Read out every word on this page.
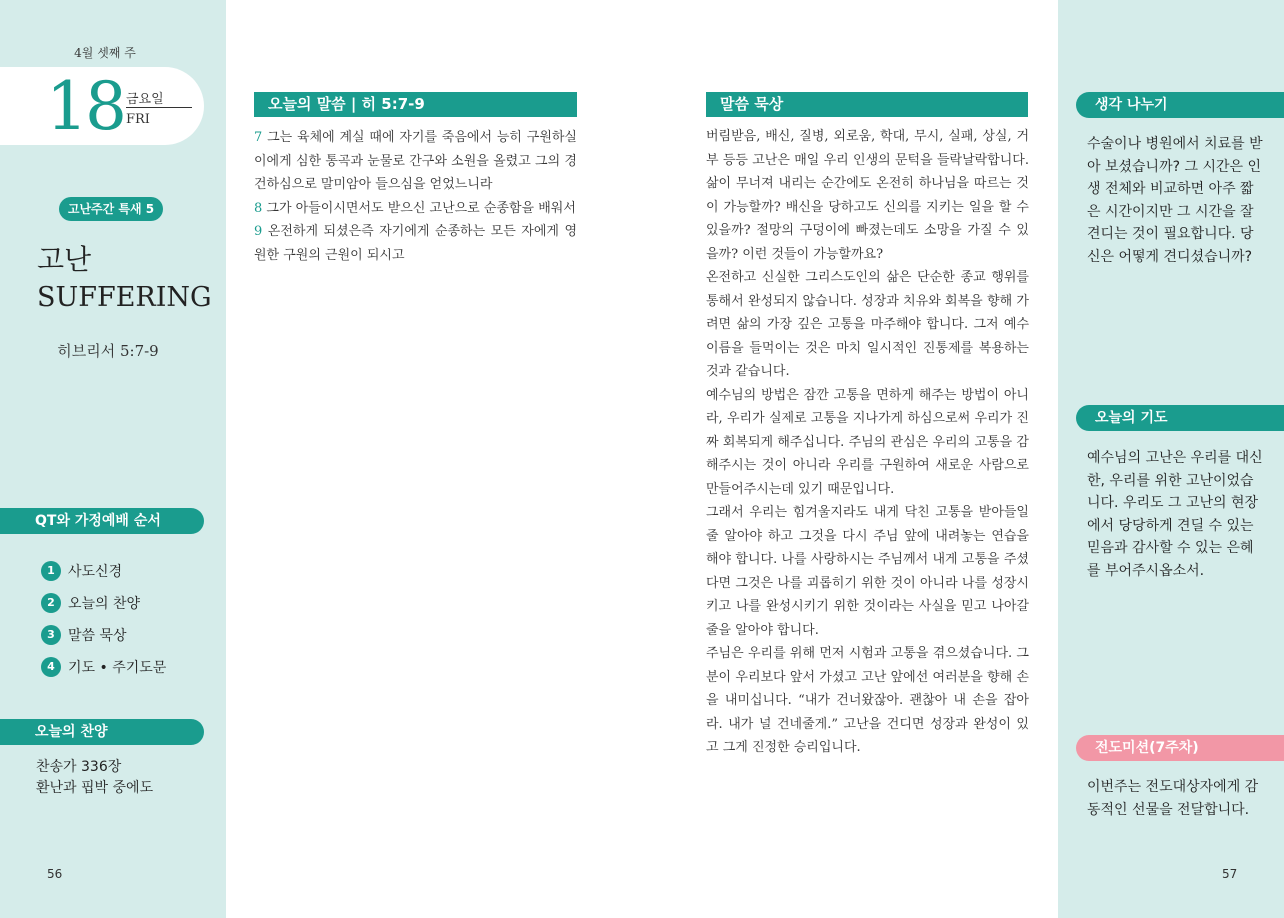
4월 셋째 주
18 금요일
FRI
고난주간 특새 5
고난
SUFFERING
히브리서 5:7-9
QT와 가정예배 순서
1 사도신경
2 오늘의 찬양
3 말씀 묵상
4 기도 • 주기도문
오늘의 찬양
찬송가 336장
환난과 핍박 중에도
56
오늘의 말씀 | 히 5:7-9
7 그는 육체에 계실 때에 자기를 죽음에서 능히 구원하실 이에게 심한 통곡과 눈물로 간구와 소원을 올렸고 그의 경건하심으로 말미암아 들으심을 얻었느니라
8 그가 아들이시면서도 받으신 고난으로 순종함을 배워서
9 온전하게 되셨은즉 자기에게 순종하는 모든 자에게 영원한 구원의 근원이 되시고
말씀 묵상

버림받음, 배신, 질병, 외로움, 학대, 무시, 실패, 상실, 거부 등등 고난은 매일 우리 인생의 문턱을 들락날락합니다. 삶이 무너져 내리는 순간에도 온전히 하나님을 따르는 것이 가능할까? 배신을 당하고도 신의를 지키는 일을 할 수 있을까? 절망의 구덩이에 빠졌는데도 소망을 가질 수 있을까? 이런 것들이 가능할까요?

온전하고 신실한 그리스도인의 삶은 단순한 종교 행위를 통해서 완성되지 않습니다. 성장과 치유와 회복을 향해 가려면 삶의 가장 깊은 고통을 마주해야 합니다. 그저 예수 이름을 들먹이는 것은 마치 일시적인 진통제를 복용하는 것과 같습니다.

예수님의 방법은 잠깐 고통을 면하게 해주는 방법이 아니라, 우리가 실제로 고통을 지나가게 하심으로써 우리가 진짜 회복되게 해주십니다. 주님의 관심은 우리의 고통을 감해주시는 것이 아니라 우리를 구원하여 새로운 사람으로 만들어주시는데 있기 때문입니다.

그래서 우리는 힘겨울지라도 내게 닥친 고통을 받아들일 줄 알아야 하고 그것을 다시 주님 앞에 내려놓는 연습을 해야 합니다. 나를 사랑하시는 주님께서 내게 고통을 주셨다면 그것은 나를 괴롭히기 위한 것이 아니라 나를 성장시키고 나를 완성시키기 위한 것이라는 사실을 믿고 나아갈 줄을 알아야 합니다.

주님은 우리를 위해 먼저 시험과 고통을 겪으셨습니다. 그분이 우리보다 앞서 가셨고 고난 앞에선 여러분을 향해 손을 내미십니다. “내가 건너왔잖아. 괜찮아 내 손을 잡아라. 내가 널 건네줄게.” 고난을 건디면 성장과 완성이 있고 그게 진정한 승리입니다.

생각 나누기
수술이나 병원에서 치료를 받아 보셨습니까? 그 시간은 인생 전체와 비교하면 아주 짧은 시간이지만 그 시간을 잘 견디는 것이 필요합니다. 당신은 어떻게 견디셨습니까?
오늘의 기도
예수님의 고난은 우리를 대신한, 우리를 위한 고난이었습니다. 우리도 그 고난의 현장에서 당당하게 견딜 수 있는 믿음과 감사할 수 있는 은혜를 부어주시옵소서.
전도미션(7주차)
이번주는 전도대상자에게 감동적인 선물을 전달합니다.
57
